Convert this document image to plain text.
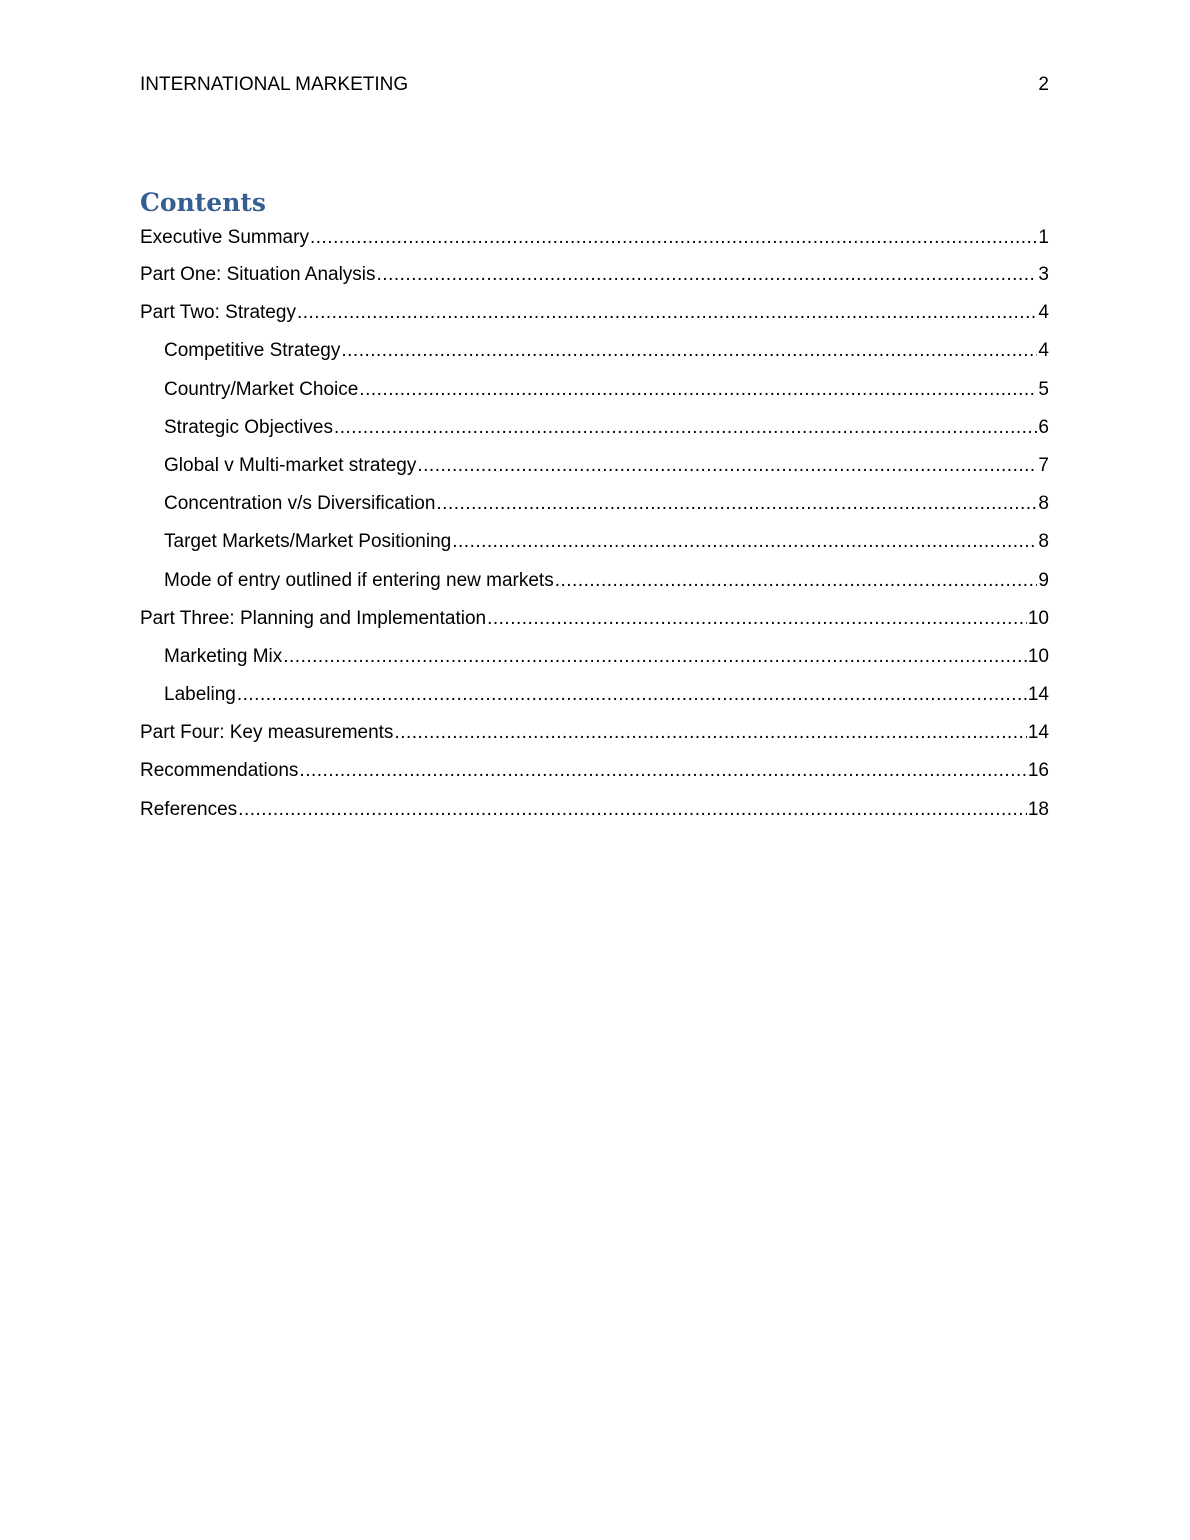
INTERNATIONAL MARKETING	2
Contents
Executive Summary .....	1
Part One: Situation Analysis .....	3
Part Two: Strategy .....	4
Competitive Strategy .....	4
Country/Market Choice .....	5
Strategic Objectives .....	6
Global v Multi-market strategy .....	7
Concentration v/s Diversification .....	8
Target Markets/Market Positioning .....	8
Mode of entry outlined if entering new markets .....	9
Part Three: Planning and Implementation .....	10
Marketing Mix .....	10
Labeling .....	14
Part Four: Key measurements .....	14
Recommendations .....	16
References .....	18
